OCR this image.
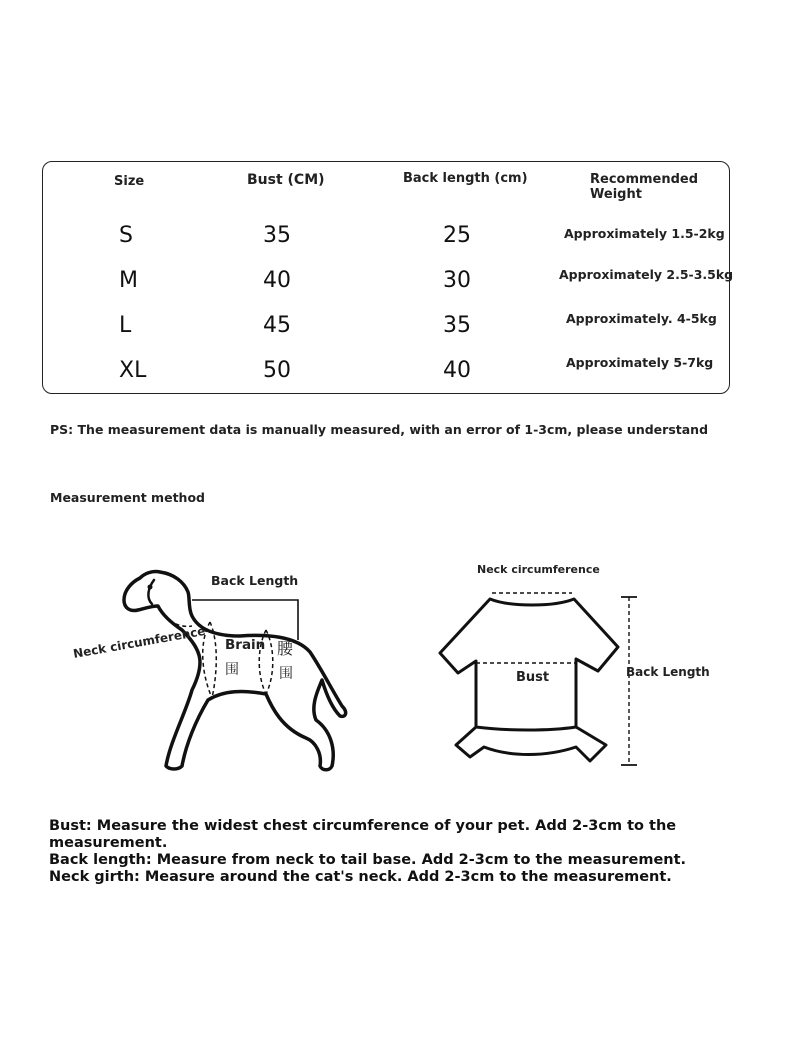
Size	Bust (CM)	Back length (cm)	Recommended
Weight
S	35	25	Approximately 1.5-2kg
M	40	30	Approximately 2.5-3.5kg
L	45	35	Approximately. 4-5kg
XL	50	40	Approximately 5-7kg
PS: The measurement data is manually measured, with an error of 1-3cm, please understand
Measurement method
Back Length
Neck circumference Brain 腰
围	围
Neck circumference
Bust	Back Length
Bust: Measure the widest chest circumference of your pet. Add 2-3cm to the measurement.
Back length: Measure from neck to tail base. Add 2-3cm to the measurement.
Neck girth: Measure around the cat's neck. Add 2-3cm to the measurement.
